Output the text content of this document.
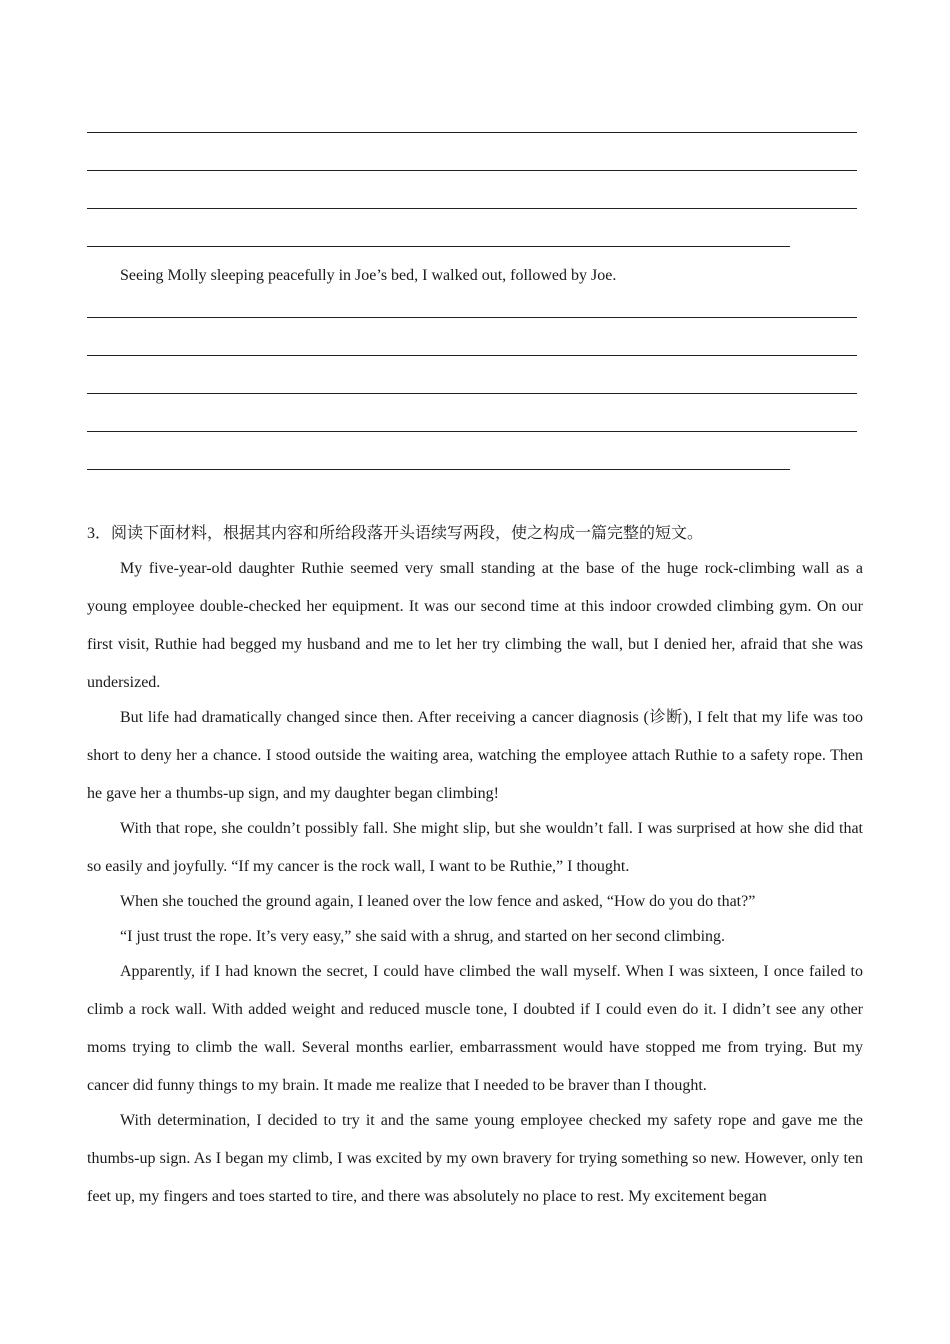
Seeing Molly sleeping peacefully in Joe’s bed, I walked out, followed by Joe.

3．阅读下面材料，根据其内容和所给段落开头语续写两段，使之构成一篇完整的短文。

My five-year-old daughter Ruthie seemed very small standing at the base of the huge rock-climbing wall as a young employee double-checked her equipment. It was our second time at this indoor crowded climbing gym. On our first visit, Ruthie had begged my husband and me to let her try climbing the wall, but I denied her, afraid that she was undersized.

But life had dramatically changed since then. After receiving a cancer diagnosis (诊断), I felt that my life was too short to deny her a chance. I stood outside the waiting area, watching the employee attach Ruthie to a safety rope. Then he gave her a thumbs-up sign, and my daughter began climbing!

With that rope, she couldn’t possibly fall. She might slip, but she wouldn’t fall. I was surprised at how she did that so easily and joyfully. “If my cancer is the rock wall, I want to be Ruthie,” I thought.

When she touched the ground again, I leaned over the low fence and asked, “How do you do that?”

“I just trust the rope. It’s very easy,” she said with a shrug, and started on her second climbing.

Apparently, if I had known the secret, I could have climbed the wall myself. When I was sixteen, I once failed to climb a rock wall. With added weight and reduced muscle tone, I doubted if I could even do it. I didn’t see any other moms trying to climb the wall. Several months earlier, embarrassment would have stopped me from trying. But my cancer did funny things to my brain. It made me realize that I needed to be braver than I thought.

With determination, I decided to try it and the same young employee checked my safety rope and gave me the thumbs-up sign. As I began my climb, I was excited by my own bravery for trying something so new. However, only ten feet up, my fingers and toes started to tire, and there was absolutely no place to rest. My excitement began
